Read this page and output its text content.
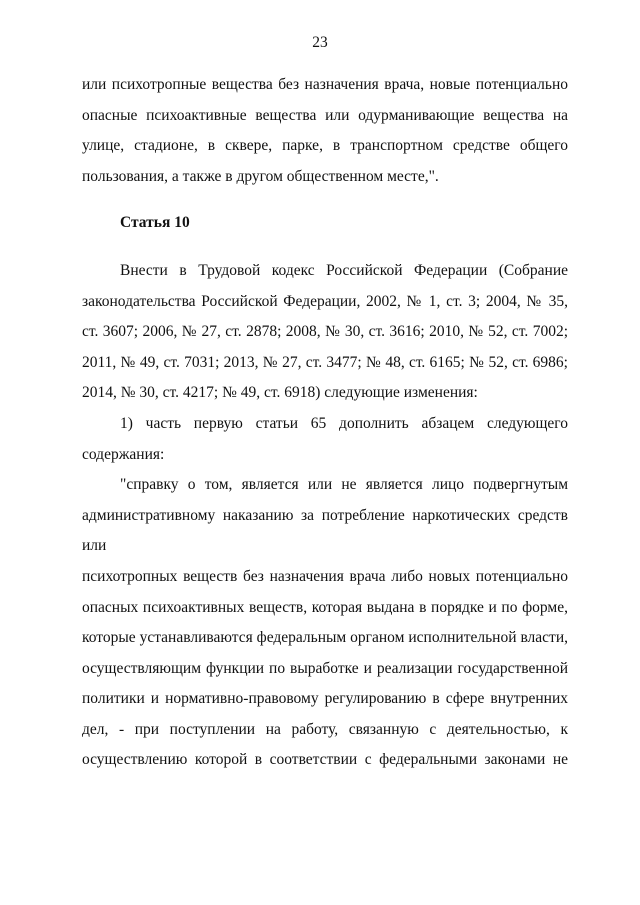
23
или психотропные вещества без назначения врача, новые потенциально
опасные психоактивные вещества или одурманивающие вещества на
улице, стадионе, в сквере, парке, в транспортном средстве общего
пользования, а также в другом общественном месте,".
Статья 10
Внести в Трудовой кодекс Российской Федерации (Собрание
законодательства Российской Федерации, 2002, № 1, ст. 3; 2004, № 35,
ст. 3607; 2006, № 27, ст. 2878; 2008, № 30, ст. 3616; 2010, № 52, ст. 7002;
2011, № 49, ст. 7031; 2013, № 27, ст. 3477; № 48, ст. 6165; № 52, ст. 6986;
2014, № 30, ст. 4217; № 49, ст. 6918) следующие изменения:
1) часть первую статьи 65 дополнить абзацем следующего
содержания:
"справку о том, является или не является лицо подвергнутым
административному наказанию за потребление наркотических средств или
психотропных веществ без назначения врача либо новых потенциально
опасных психоактивных веществ, которая выдана в порядке и по форме,
которые устанавливаются федеральным органом исполнительной власти,
осуществляющим функции по выработке и реализации государственной
политики и нормативно-правовому регулированию в сфере внутренних
дел, - при поступлении на работу, связанную с деятельностью, к
осуществлению которой в соответствии с федеральными законами не
